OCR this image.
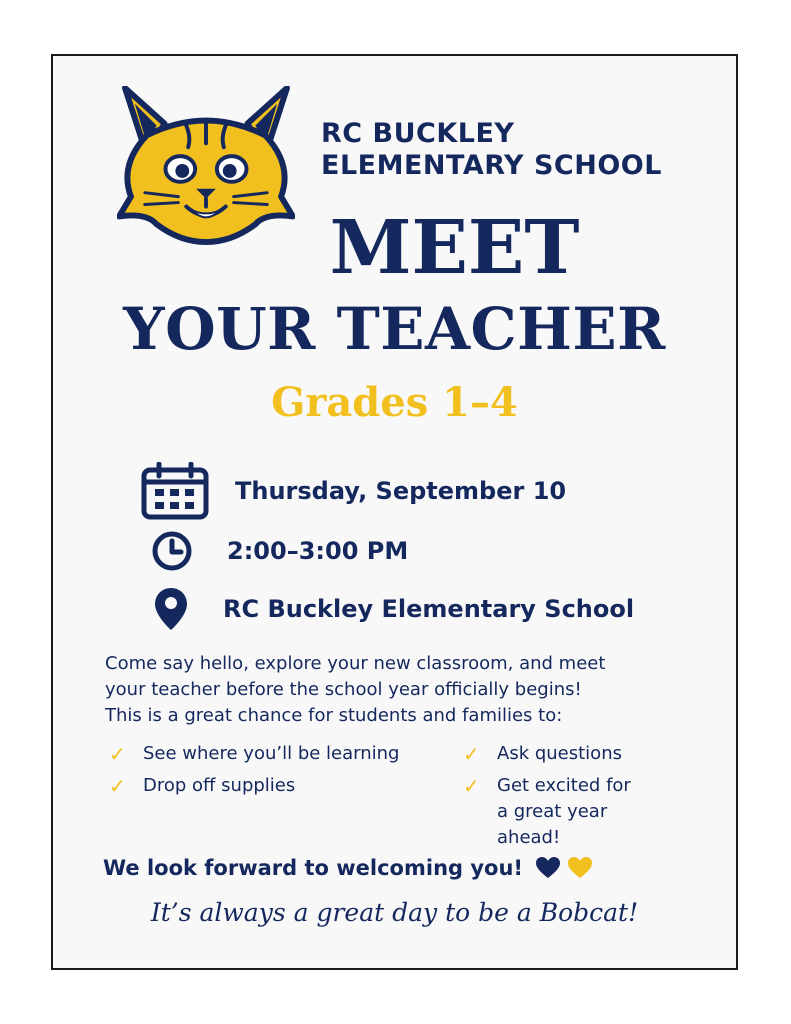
RC BUCKLEY
ELEMENTARY SCHOOL
MEET
YOUR TEACHER
Grades 1–4
Thursday, September 10
2:00–3:00 PM
RC Buckley Elementary School
Come say hello, explore your new classroom, and meet
your teacher before the school year officially begins!
This is a great chance for students and families to:
✓ See where you’ll be learning
✓ Drop off supplies
✓ Ask questions
✓ Get excited for a great year ahead!
We look forward to welcoming you!
It’s always a great day to be a Bobcat!
